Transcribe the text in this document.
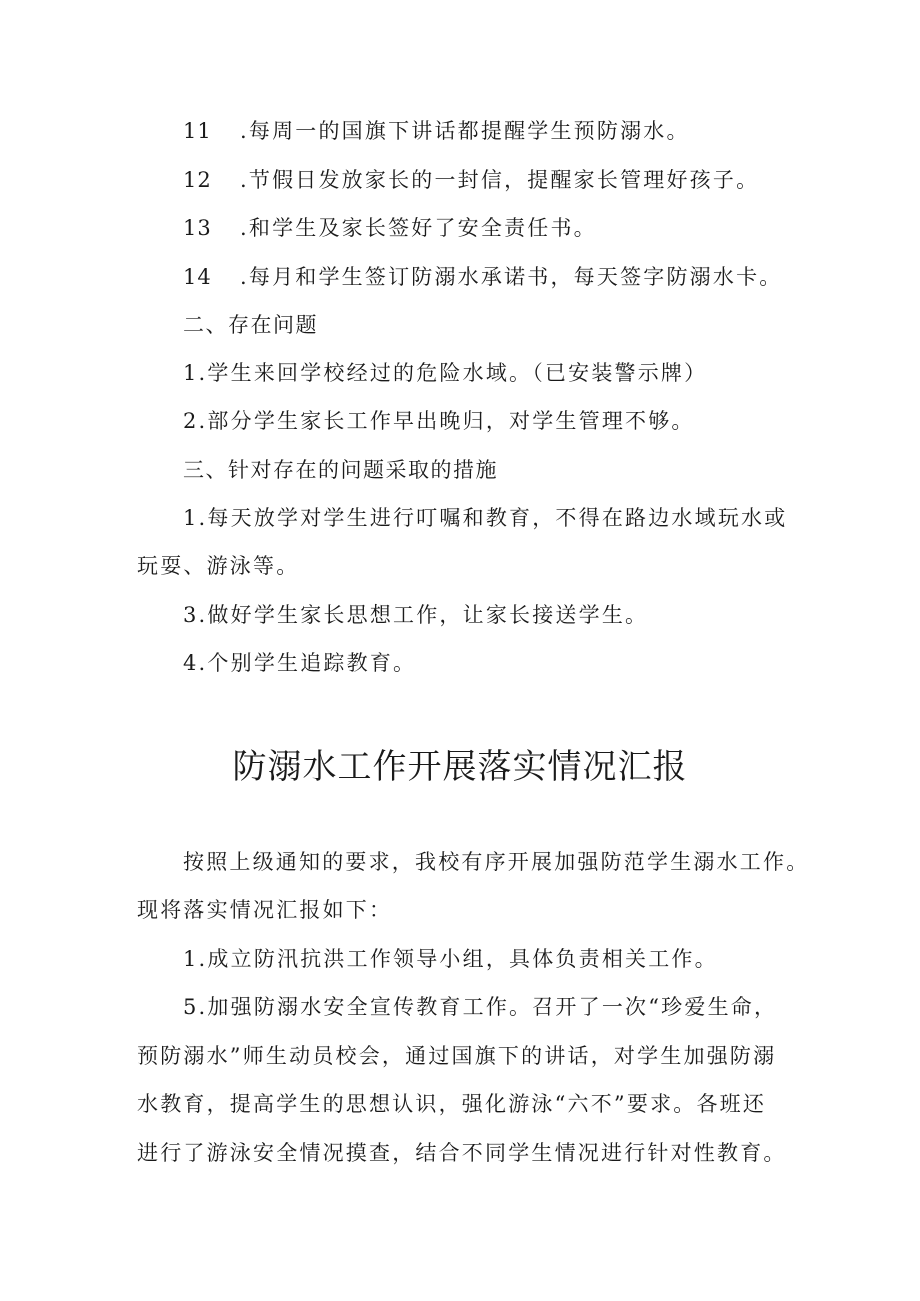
11 .每周一的国旗下讲话都提醒学生预防溺水。
12 .节假日发放家长的一封信，提醒家长管理好孩子。
13 .和学生及家长签好了安全责任书。
14 .每月和学生签订防溺水承诺书，每天签字防溺水卡。
二、存在问题
1.学生来回学校经过的危险水域。（已安装警示牌）
2.部分学生家长工作早出晚归，对学生管理不够。
三、针对存在的问题采取的措施
1.每天放学对学生进行叮嘱和教育，不得在路边水域玩水或
玩耍、游泳等。
3.做好学生家长思想工作，让家长接送学生。
4.个别学生追踪教育。
防溺水工作开展落实情况汇报
按照上级通知的要求，我校有序开展加强防范学生溺水工作。
现将落实情况汇报如下：
1.成立防汛抗洪工作领导小组，具体负责相关工作。
5.加强防溺水安全宣传教育工作。召开了一次“珍爱生命，
预防溺水”师生动员校会，通过国旗下的讲话，对学生加强防溺
水教育，提高学生的思想认识，强化游泳“六不”要求。各班还
进行了游泳安全情况摸查，结合不同学生情况进行针对性教育。
